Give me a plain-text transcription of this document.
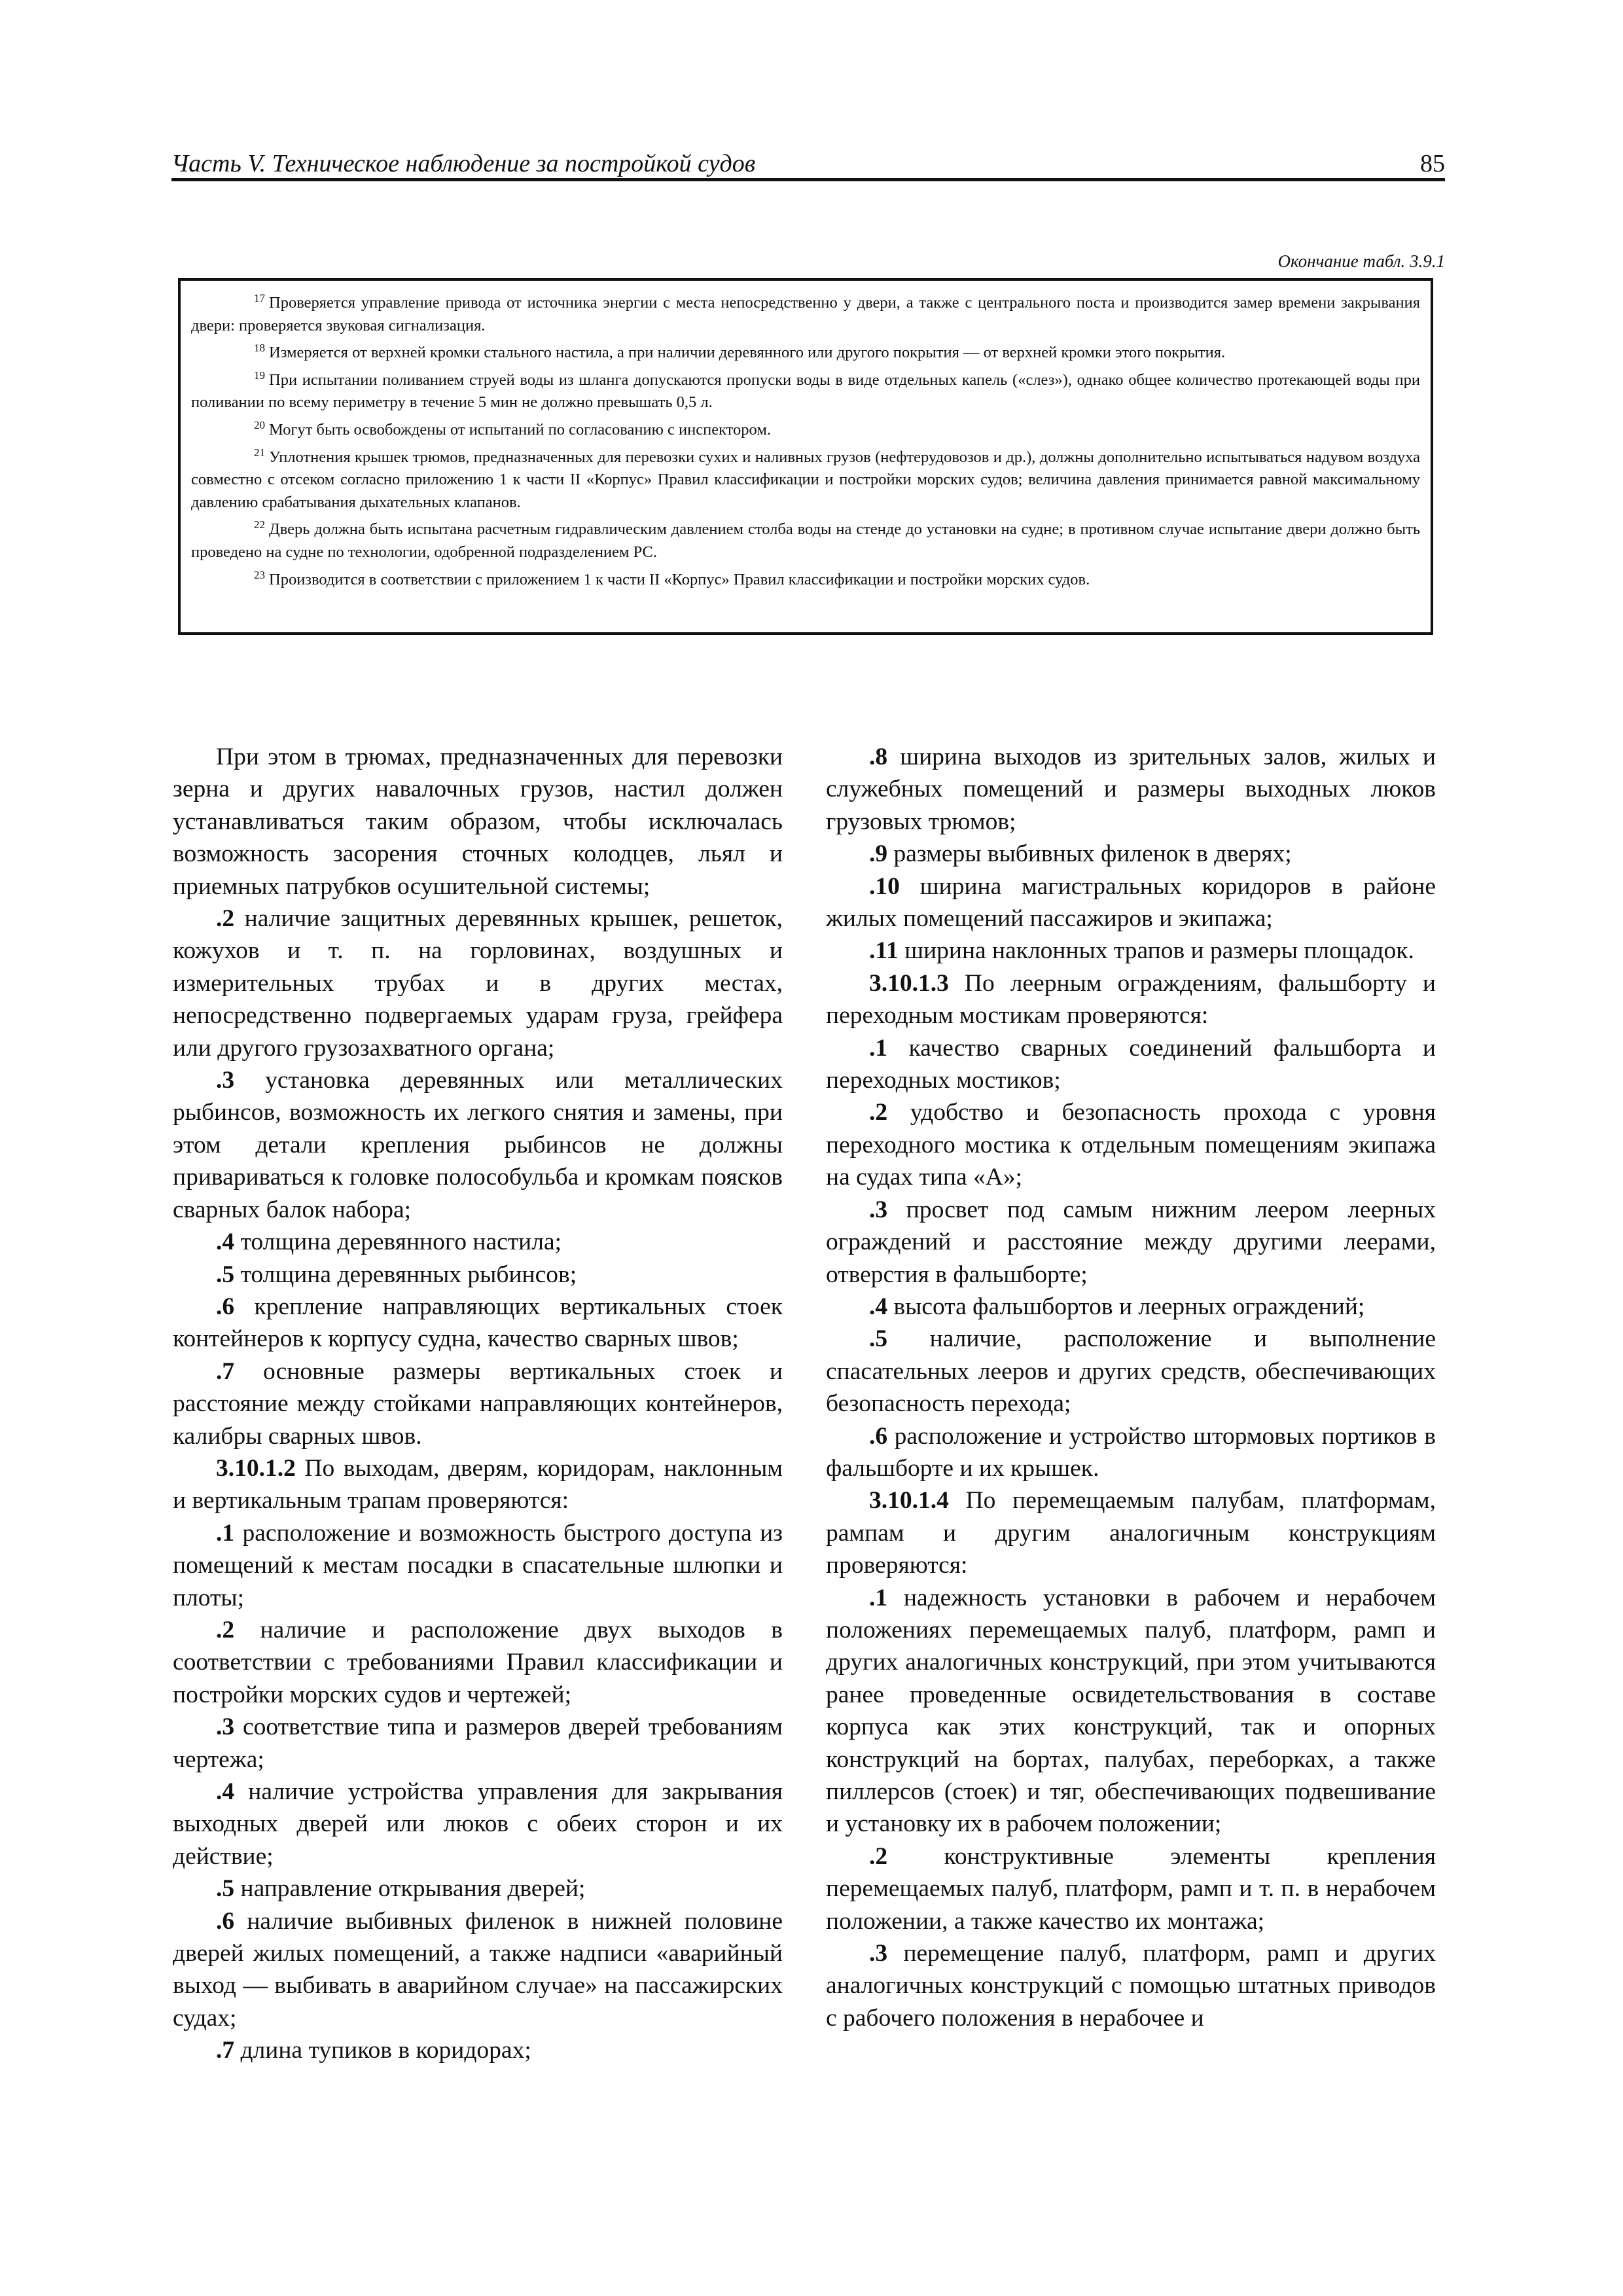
Часть V. Техническое наблюдение за постройкой судов	85
Окончание табл. 3.9.1

$^{17}$ Проверяется управление привода от источника энергии с места непосредственно у двери, а также с центрального поста и производится замер времени закрывания двери: проверяется звуковая сигнализация.

$^{18}$ Измеряется от верхней кромки стального настила, а при наличии деревянного или другого покрытия — от верхней кромки этого покрытия.

$^{19}$ При испытании поливанием струей воды из шланга допускаются пропуски воды в виде отдельных капель («слез»), однако общее количество протекающей воды при поливании по всему периметру в течение 5 мин не должно превышать 0,5 л.

$^{20}$ Могут быть освобождены от испытаний по согласованию с инспектором.

$^{21}$ Уплотнения крышек трюмов, предназначенных для перевозки сухих и наливных грузов (нефтерудовозов и др.), должны дополнительно испытываться надувом воздуха совместно с отсеком согласно приложению 1 к части II «Корпус» Правил классификации и постройки морских судов; величина давления принимается равной максимальному давлению срабатывания дыхательных клапанов.

$^{22}$ Дверь должна быть испытана расчетным гидравлическим давлением столба воды на стенде до установки на судне; в противном случае испытание двери должно быть проведено на судне по технологии, одобренной подразделением РС.

$^{23}$ Производится в соответствии с приложением 1 к части II «Корпус» Правил классификации и постройки морских судов.

При этом в трюмах, предназначенных для перевозки зерна и других навалочных грузов, настил должен устанавливаться таким образом, чтобы исключалась возможность засорения сточных колодцев, льял и приемных патрубков осушительной системы;

.2 наличие защитных деревянных крышек, решеток, кожухов и т. п. на горловинах, воздушных и измерительных трубах и в других местах, непосредственно подвергаемых ударам груза, грейфера или другого грузозахватного органа;

.3 установка деревянных или металлических рыбинсов, возможность их легкого снятия и замены, при этом детали крепления рыбинсов не должны привариваться к головке полособульба и кромкам поясков сварных балок набора;

.4 толщина деревянного настила;

.5 толщина деревянных рыбинсов;

.6 крепление направляющих вертикальных стоек контейнеров к корпусу судна, качество сварных швов;

.7 основные размеры вертикальных стоек и расстояние между стойками направляющих контейнеров, калибры сварных швов.

3.10.1.2 По выходам, дверям, коридорам, наклонным и вертикальным трапам проверяются:

.1 расположение и возможность быстрого доступа из помещений к местам посадки в спасательные шлюпки и плоты;

.2 наличие и расположение двух выходов в соответствии с требованиями Правил классификации и постройки морских судов и чертежей;

.3 соответствие типа и размеров дверей требованиям чертежа;

.4 наличие устройства управления для закрывания выходных дверей или люков с обеих сторон и их действие;

.5 направление открывания дверей;

.6 наличие выбивных филенок в нижней половине дверей жилых помещений, а также надписи «аварийный выход — выбивать в аварийном случае» на пассажирских судах;

.7 длина тупиков в коридорах;

.8 ширина выходов из зрительных залов, жилых и служебных помещений и размеры выходных люков грузовых трюмов;

.9 размеры выбивных филенок в дверях;

.10 ширина магистральных коридоров в районе жилых помещений пассажиров и экипажа;

.11 ширина наклонных трапов и размеры площадок.

3.10.1.3 По леерным ограждениям, фальшборту и переходным мостикам проверяются:

.1 качество сварных соединений фальшборта и переходных мостиков;

.2 удобство и безопасность прохода с уровня переходного мостика к отдельным помещениям экипажа на судах типа «А»;

.3 просвет под самым нижним леером леерных ограждений и расстояние между другими леерами, отверстия в фальшборте;

.4 высота фальшбортов и леерных ограждений;

.5 наличие, расположение и выполнение спасательных лееров и других средств, обеспечивающих безопасность перехода;

.6 расположение и устройство штормовых портиков в фальшборте и их крышек.

3.10.1.4 По перемещаемым палубам, платформам, рампам и другим аналогичным конструкциям проверяются:

.1 надежность установки в рабочем и нерабочем положениях перемещаемых палуб, платформ, рамп и других аналогичных конструкций, при этом учитываются ранее проведенные освидетельствования в составе корпуса как этих конструкций, так и опорных конструкций на бортах, палубах, переборках, а также пиллерсов (стоек) и тяг, обеспечивающих подвешивание и установку их в рабочем положении;

.2 конструктивные элементы крепления перемещаемых палуб, платформ, рамп и т. п. в нерабочем положении, а также качество их монтажа;

.3 перемещение палуб, платформ, рамп и других аналогичных конструкций с помощью штатных приводов с рабочего положения в нерабочее и
